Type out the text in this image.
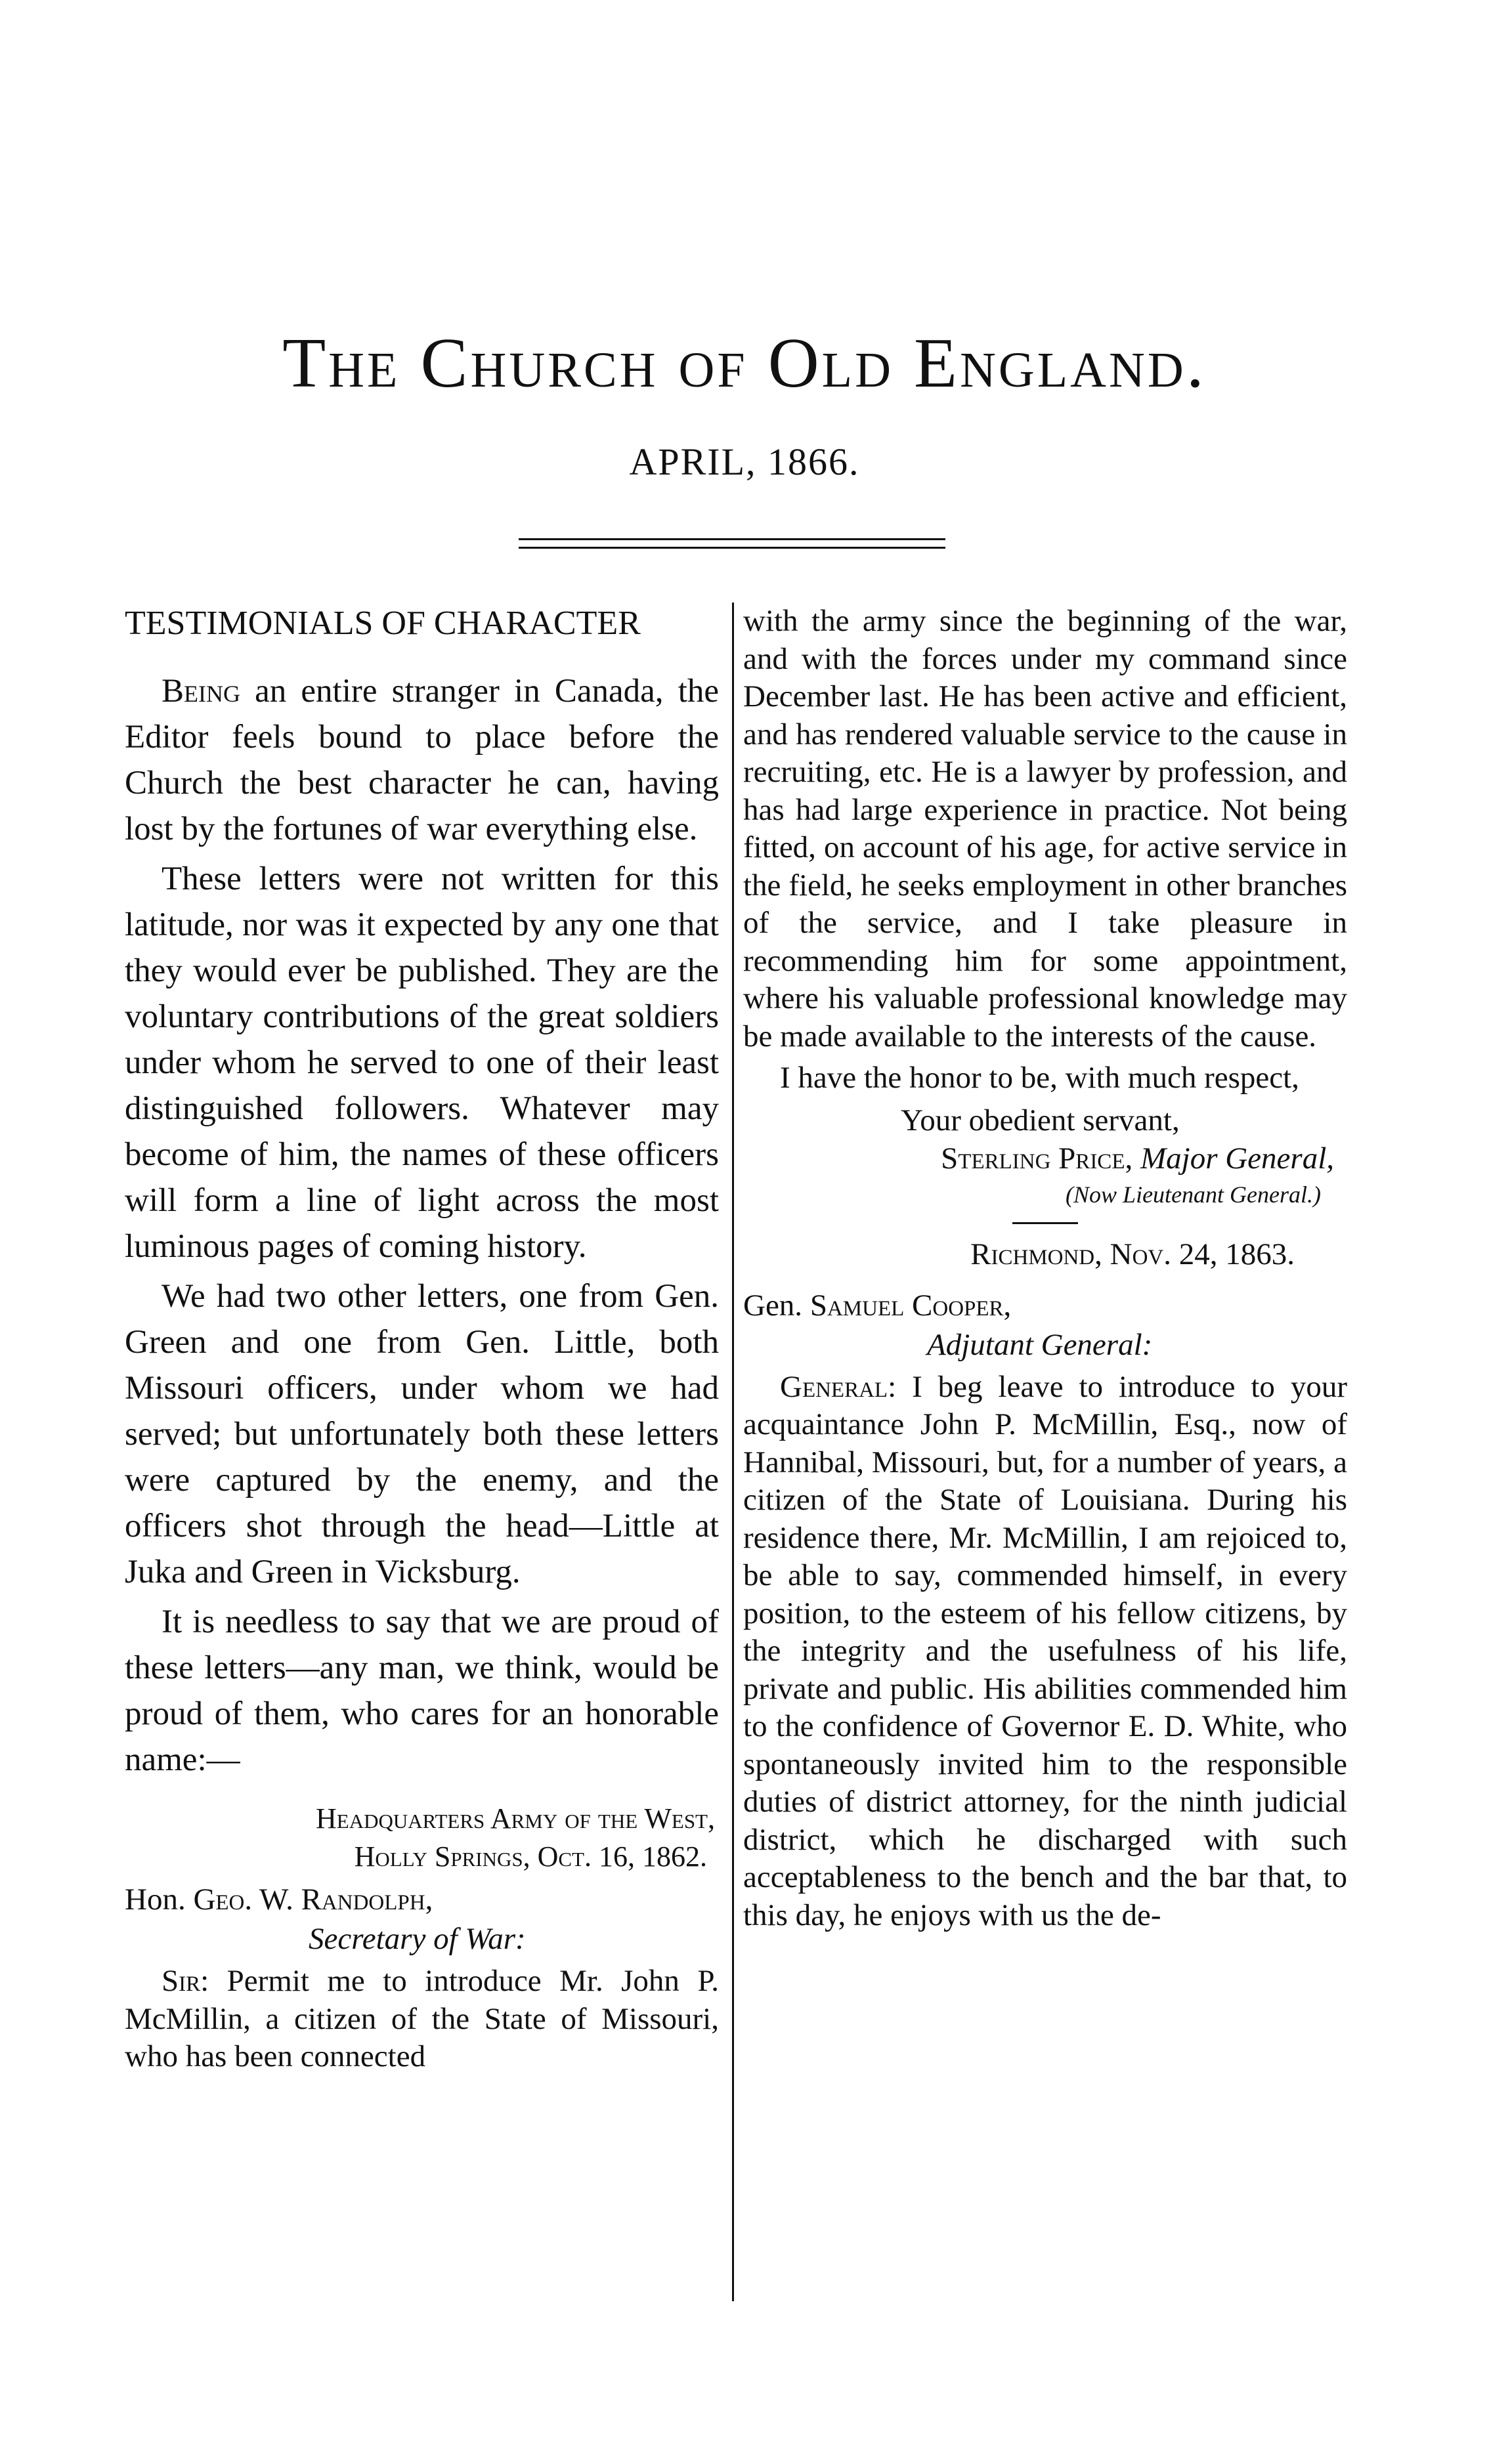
The Church of Old England.
APRIL, 1866.
TESTIMONIALS OF CHARACTER

Being an entire stranger in Canada, the Editor feels bound to place before the Church the best character he can, having lost by the fortunes of war everything else.

These letters were not written for this latitude, nor was it expected by any one that they would ever be published. They are the voluntary contributions of the great soldiers under whom he served to one of their least distinguished followers. Whatever may become of him, the names of these officers will form a line of light across the most luminous pages of coming history.

We had two other letters, one from Gen. Green and one from Gen. Little, both Missouri officers, under whom we had served; but unfortunately both these letters were captured by the enemy, and the officers shot through the head—Little at Juka and Green in Vicksburg.

It is needless to say that we are proud of these letters—any man, we think, would be proud of them, who cares for an honorable name:—

Headquarters Army of the West,
Holly Springs, Oct. 16, 1862.
Hon. Geo. W. Randolph,
Secretary of War:

Sir: Permit me to introduce Mr. John P. McMillin, a citizen of the State of Missouri, who has been connected

with the army since the beginning of the war, and with the forces under my command since December last. He has been active and efficient, and has rendered valuable service to the cause in recruiting, etc. He is a lawyer by profession, and has had large experience in practice. Not being fitted, on account of his age, for active service in the field, he seeks employment in other branches of the service, and I take pleasure in recommending him for some appointment, where his valuable professional knowledge may be made available to the interests of the cause.

I have the honor to be, with much respect,

Your obedient servant,
Sterling Price, Major General,
(Now Lieutenant General.)
Richmond, Nov. 24, 1863.
Gen. Samuel Cooper,
Adjutant General:

General: I beg leave to introduce to your acquaintance John P. McMillin, Esq., now of Hannibal, Missouri, but, for a number of years, a citizen of the State of Louisiana. During his residence there, Mr. McMillin, I am rejoiced to, be able to say, commended himself, in every position, to the esteem of his fellow citizens, by the integrity and the usefulness of his life, private and public. His abilities commended him to the confidence of Governor E. D. White, who spontaneously invited him to the responsible duties of district attorney, for the ninth judicial district, which he discharged with such acceptableness to the bench and the bar that, to this day, he enjoys with us the de-
